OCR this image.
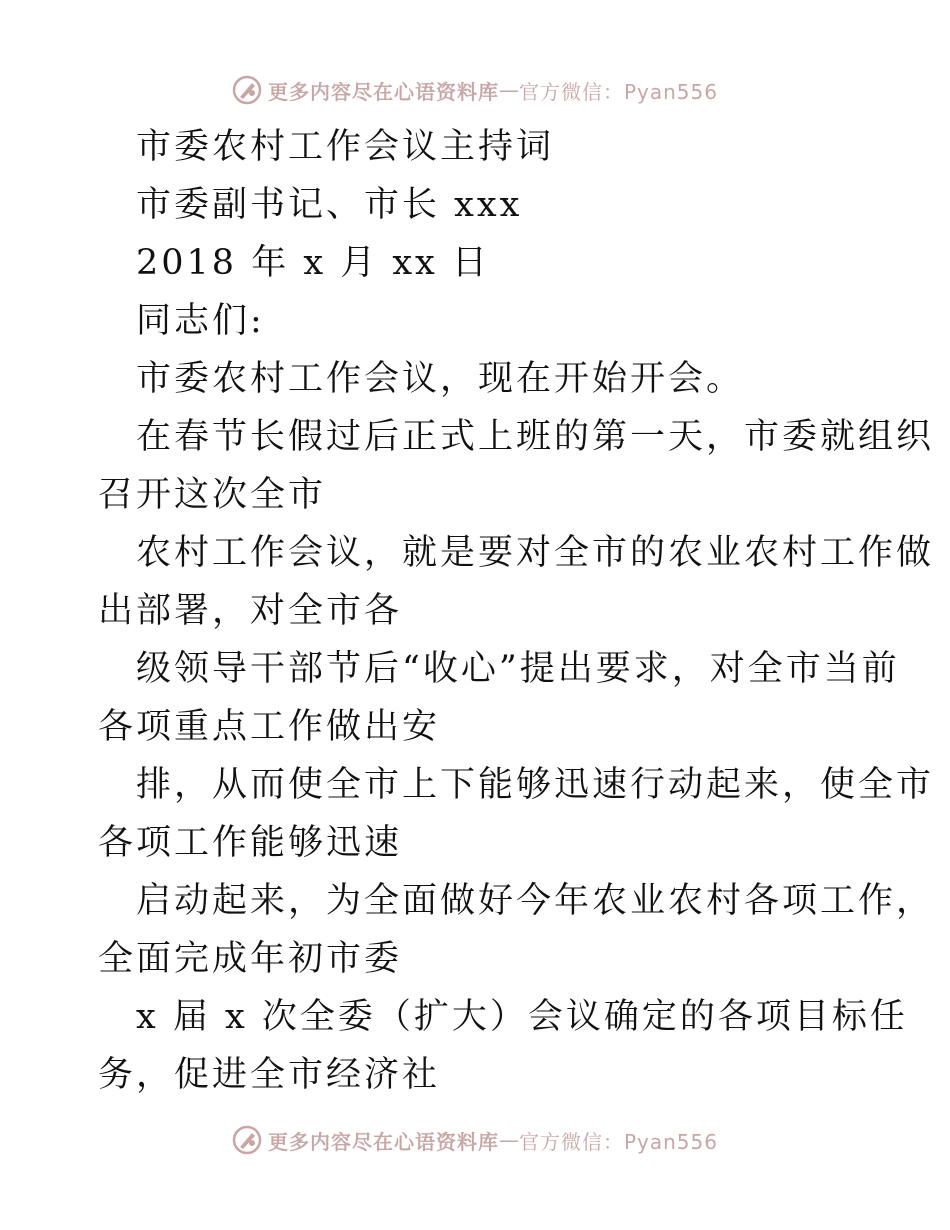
更多内容尽在心语资料库 — 官方微信：Pyan556
市委农村工作会议主持词
市委副书记、市长 xxx
2018 年 x 月 xx 日
同志们:
市委农村工作会议，现在开始开会。
在春节长假过后正式上班的第一天，市委就组织
召开这次全市
农村工作会议，就是要对全市的农业农村工作做
出部署，对全市各
级领导干部节后“收心”提出要求，对全市当前
各项重点工作做出安
排，从而使全市上下能够迅速行动起来，使全市
各项工作能够迅速
启动起来，为全面做好今年农业农村各项工作，
全面完成年初市委
x 届 x 次全委（扩大）会议确定的各项目标任
务，促进全市经济社
更多内容尽在心语资料库 — 官方微信：Pyan556
